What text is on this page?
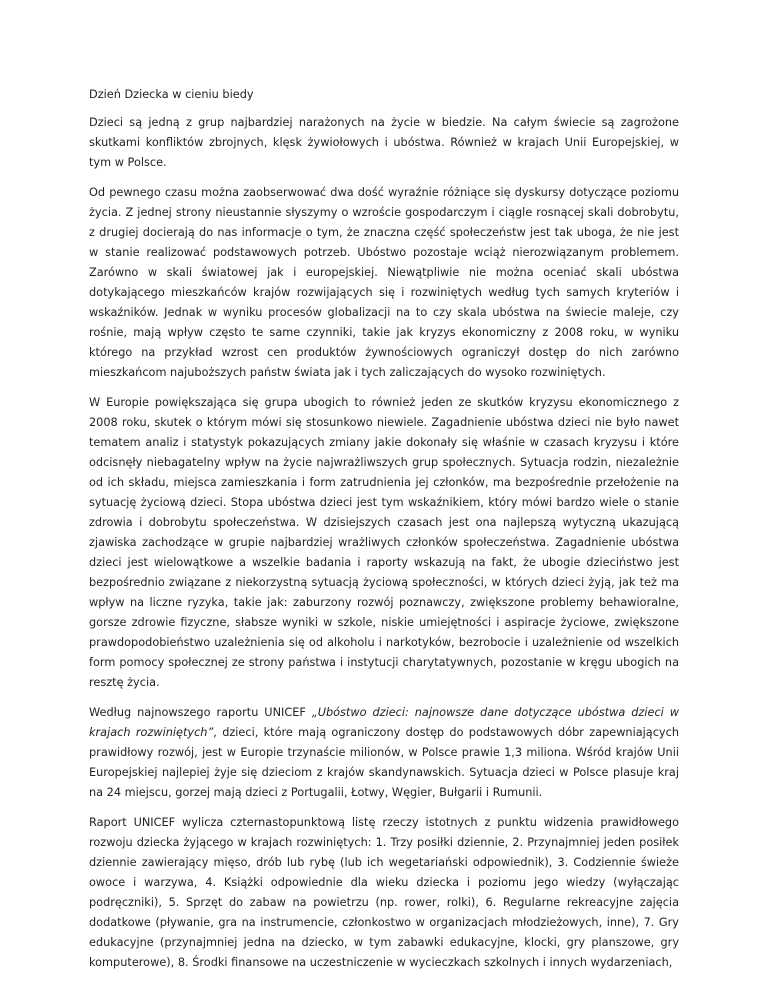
Dzień Dziecka w cieniu biedy

Dzieci są jedną z grup najbardziej narażonych na życie w biedzie. Na całym świecie są zagrożone skutkami konfliktów zbrojnych, klęsk żywiołowych i ubóstwa. Również w krajach Unii Europejskiej, w tym w Polsce.

Od pewnego czasu można zaobserwować dwa dość wyraźnie różniące się dyskursy dotyczące poziomu życia. Z jednej strony nieustannie słyszymy o wzroście gospodarczym i ciągle rosnącej skali dobrobytu, z drugiej docierają do nas informacje o tym, że znaczna część społeczeństw jest tak uboga, że nie jest w stanie realizować podstawowych potrzeb. Ubóstwo pozostaje wciąż nierozwiązanym problemem. Zarówno w skali światowej jak i europejskiej. Niewątpliwie nie można oceniać skali ubóstwa dotykającego mieszkańców krajów rozwijających się i rozwiniętych według tych samych kryteriów i wskaźników. Jednak w wyniku procesów globalizacji na to czy skala ubóstwa na świecie maleje, czy rośnie, mają wpływ często te same czynniki, takie jak kryzys ekonomiczny z 2008 roku, w wyniku którego na przykład wzrost cen produktów żywnościowych ograniczył dostęp do nich zarówno mieszkańcom najuboższych państw świata jak i tych zaliczających do wysoko rozwiniętych.

W Europie powiększająca się grupa ubogich to również jeden ze skutków kryzysu ekonomicznego z 2008 roku, skutek o którym mówi się stosunkowo niewiele. Zagadnienie ubóstwa dzieci nie było nawet tematem analiz i statystyk pokazujących zmiany jakie dokonały się właśnie w czasach kryzysu i które odcisnęły niebagatelny wpływ na życie najwrażliwszych grup społecznych. Sytuacja rodzin, niezależnie od ich składu, miejsca zamieszkania i form zatrudnienia jej członków, ma bezpośrednie przełożenie na sytuację życiową dzieci. Stopa ubóstwa dzieci jest tym wskaźnikiem, który mówi bardzo wiele o stanie zdrowia i dobrobytu społeczeństwa. W dzisiejszych czasach jest ona najlepszą wytyczną ukazującą zjawiska zachodzące w grupie najbardziej wrażliwych członków społeczeństwa. Zagadnienie ubóstwa dzieci jest wielowątkowe a wszelkie badania i raporty wskazują na fakt, że ubogie dzieciństwo jest bezpośrednio związane z niekorzystną sytuacją życiową społeczności, w których dzieci żyją, jak też ma wpływ na liczne ryzyka, takie jak: zaburzony rozwój poznawczy, zwiększone problemy behawioralne, gorsze zdrowie fizyczne, słabsze wyniki w szkole, niskie umiejętności i aspiracje życiowe, zwiększone prawdopodobieństwo uzależnienia się od alkoholu i narkotyków, bezrobocie i uzależnienie od wszelkich form pomocy społecznej ze strony państwa i instytucji charytatywnych, pozostanie w kręgu ubogich na resztę życia.

Według najnowszego raportu UNICEF „Ubóstwo dzieci: najnowsze dane dotyczące ubóstwa dzieci w krajach rozwiniętych”, dzieci, które mają ograniczony dostęp do podstawowych dóbr zapewniających prawidłowy rozwój, jest w Europie trzynaście milionów, w Polsce prawie 1,3 miliona. Wśród krajów Unii Europejskiej najlepiej żyje się dzieciom z krajów skandynawskich. Sytuacja dzieci w Polsce plasuje kraj na 24 miejscu, gorzej mają dzieci z Portugalii, Łotwy, Węgier, Bułgarii i Rumunii.

Raport UNICEF wylicza czternastopunktową listę rzeczy istotnych z punktu widzenia prawidłowego rozwoju dziecka żyjącego w krajach rozwiniętych: 1. Trzy posiłki dziennie, 2. Przynajmniej jeden posiłek dziennie zawierający mięso, drób lub rybę (lub ich wegetariański odpowiednik), 3. Codziennie świeże owoce i warzywa, 4. Książki odpowiednie dla wieku dziecka i poziomu jego wiedzy (wyłączając podręczniki), 5. Sprzęt do zabaw na powietrzu (np. rower, rolki), 6. Regularne rekreacyjne zajęcia dodatkowe (pływanie, gra na instrumencie, członkostwo w organizacjach młodzieżowych, inne), 7. Gry edukacyjne (przynajmniej jedna na dziecko, w tym zabawki edukacyjne, klocki, gry planszowe, gry komputerowe), 8. Środki finansowe na uczestniczenie w wycieczkach szkolnych i innych wydarzeniach,
